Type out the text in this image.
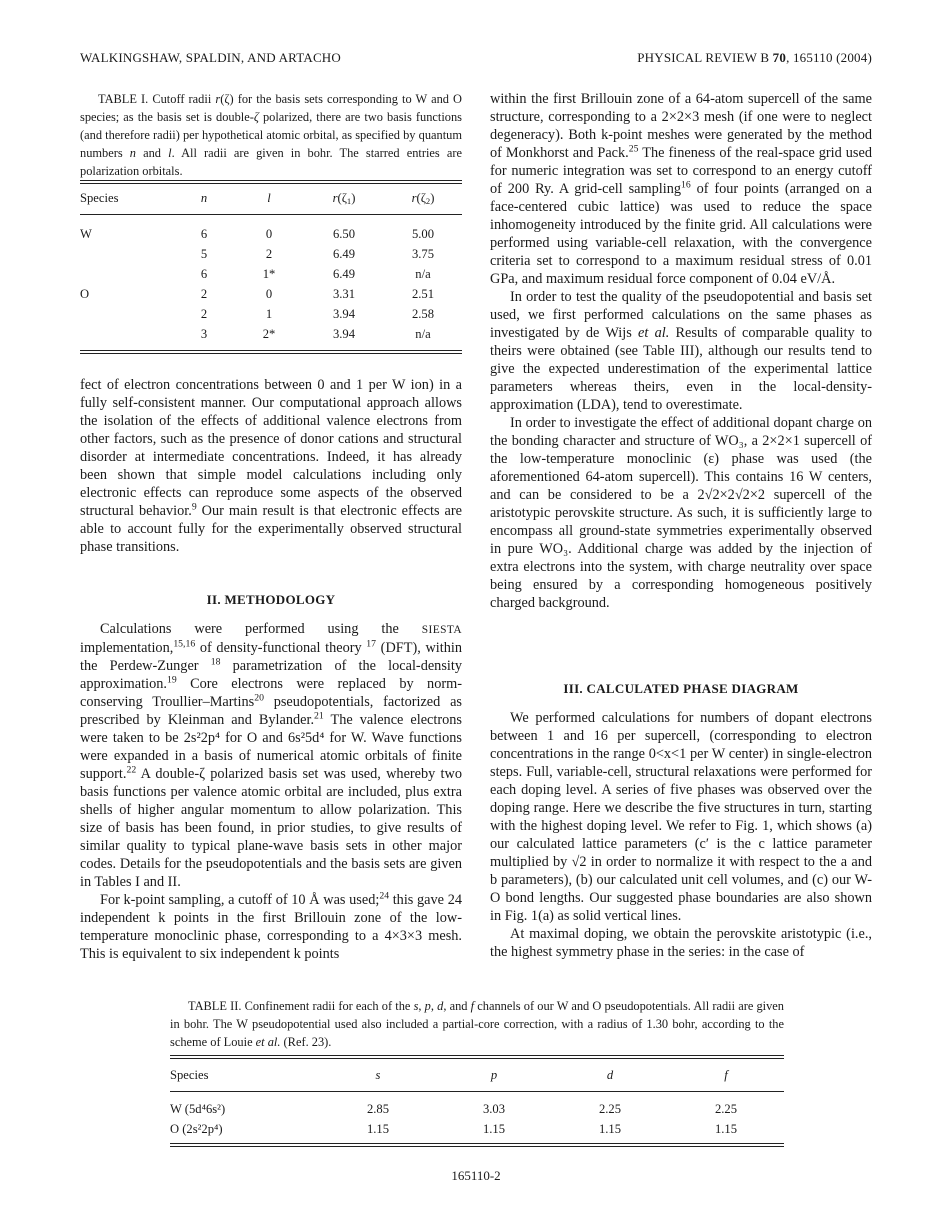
WALKINGSHAW, SPALDIN, AND ARTACHO	PHYSICAL REVIEW B 70, 165110 (2004)
TABLE I. Cutoff radii r(ζ) for the basis sets corresponding to W and O species; as the basis set is double-ζ polarized, there are two basis functions (and therefore radii) per hypothetical atomic orbital, as specified by quantum numbers n and l. All radii are given in bohr. The starred entries are polarization orbitals.
Species	n	l	$r(\zeta_1)$	$r(\zeta_2)$
W	6	0	6.50	5.00
	5	2	6.49	3.75
	6	1*	6.49	n/a
O	2	0	3.31	2.51
	2	1	3.94	2.58
	3	2*	3.94	n/a

fect of electron concentrations between 0 and 1 per W ion) in a fully self-consistent manner. Our computational approach allows the isolation of the effects of additional valence electrons from other factors, such as the presence of donor cations and structural disorder at intermediate concentrations. Indeed, it has already been shown that simple model calculations including only electronic effects can reproduce some aspects of the observed structural behavior.$^9$ Our main result is that electronic effects are able to account fully for the experimentally observed structural phase transitions.

II. METHODOLOGY

Calculations were performed using the SIESTA implementation,$^{15,16}$ of density-functional theory $^{17}$ (DFT), within the Perdew-Zunger $^{18}$ parametrization of the local-density approximation.$^{19}$ Core electrons were replaced by norm-conserving Troullier–Martins$^{20}$ pseudopotentials, factorized as prescribed by Kleinman and Bylander.$^{21}$ The valence electrons were taken to be 2s²2p⁴ for O and 6s²5d⁴ for W. Wave functions were expanded in a basis of numerical atomic orbitals of finite support.$^{22}$ A double-ζ polarized basis set was used, whereby two basis functions per valence atomic orbital are included, plus extra shells of higher angular momentum to allow polarization. This size of basis has been found, in prior studies, to give results of similar quality to typical plane-wave basis sets in other major codes. Details for the pseudopotentials and the basis sets are given in Tables I and II.

For k-point sampling, a cutoff of 10 Å was used;$^{24}$ this gave 24 independent k points in the first Brillouin zone of the low-temperature monoclinic phase, corresponding to a 4×3×3 mesh. This is equivalent to six independent k points

within the first Brillouin zone of a 64-atom supercell of the same structure, corresponding to a 2×2×3 mesh (if one were to neglect degeneracy). Both k-point meshes were generated by the method of Monkhorst and Pack.$^{25}$ The fineness of the real-space grid used for numeric integration was set to correspond to an energy cutoff of 200 Ry. A grid-cell sampling$^{16}$ of four points (arranged on a face-centered cubic lattice) was used to reduce the space inhomogeneity introduced by the finite grid. All calculations were performed using variable-cell relaxation, with the convergence criteria set to correspond to a maximum residual stress of 0.01 GPa, and maximum residual force component of 0.04 eV/Å.

In order to test the quality of the pseudopotential and basis set used, we first performed calculations on the same phases as investigated by de Wijs et al. Results of comparable quality to theirs were obtained (see Table III), although our results tend to give the expected underestimation of the experimental lattice parameters whereas theirs, even in the local-density-approximation (LDA), tend to overestimate.

In order to investigate the effect of additional dopant charge on the bonding character and structure of WO₃, a 2×2×1 supercell of the low-temperature monoclinic (ε) phase was used (the aforementioned 64-atom supercell). This contains 16 W centers, and can be considered to be a 2√2×2√2×2 supercell of the aristotypic perovskite structure. As such, it is sufficiently large to encompass all ground-state symmetries experimentally observed in pure WO₃. Additional charge was added by the injection of extra electrons into the system, with charge neutrality over space being ensured by a corresponding homogeneous positively charged background.

III. CALCULATED PHASE DIAGRAM

We performed calculations for numbers of dopant electrons between 1 and 16 per supercell, (corresponding to electron concentrations in the range 0<x<1 per W center) in single-electron steps. Full, variable-cell, structural relaxations were performed for each doping level. A series of five phases was observed over the doping range. Here we describe the five structures in turn, starting with the highest doping level. We refer to Fig. 1, which shows (a) our calculated lattice parameters (c′ is the c lattice parameter multiplied by √2 in order to normalize it with respect to the a and b parameters), (b) our calculated unit cell volumes, and (c) our W-O bond lengths. Our suggested phase boundaries are also shown in Fig. 1(a) as solid vertical lines.

At maximal doping, we obtain the perovskite aristotypic (i.e., the highest symmetry phase in the series: in the case of

TABLE II. Confinement radii for each of the s, p, d, and f channels of our W and O pseudopotentials. All radii are given in bohr. The W pseudopotential used also included a partial-core correction, with a radius of 1.30 bohr, according to the scheme of Louie et al. (Ref. 23).
Species	s	p	d	f
W (5d⁴6s²)	2.85	3.03	2.25	2.25
O (2s²2p⁴)	1.15	1.15	1.15	1.15
165110-2
